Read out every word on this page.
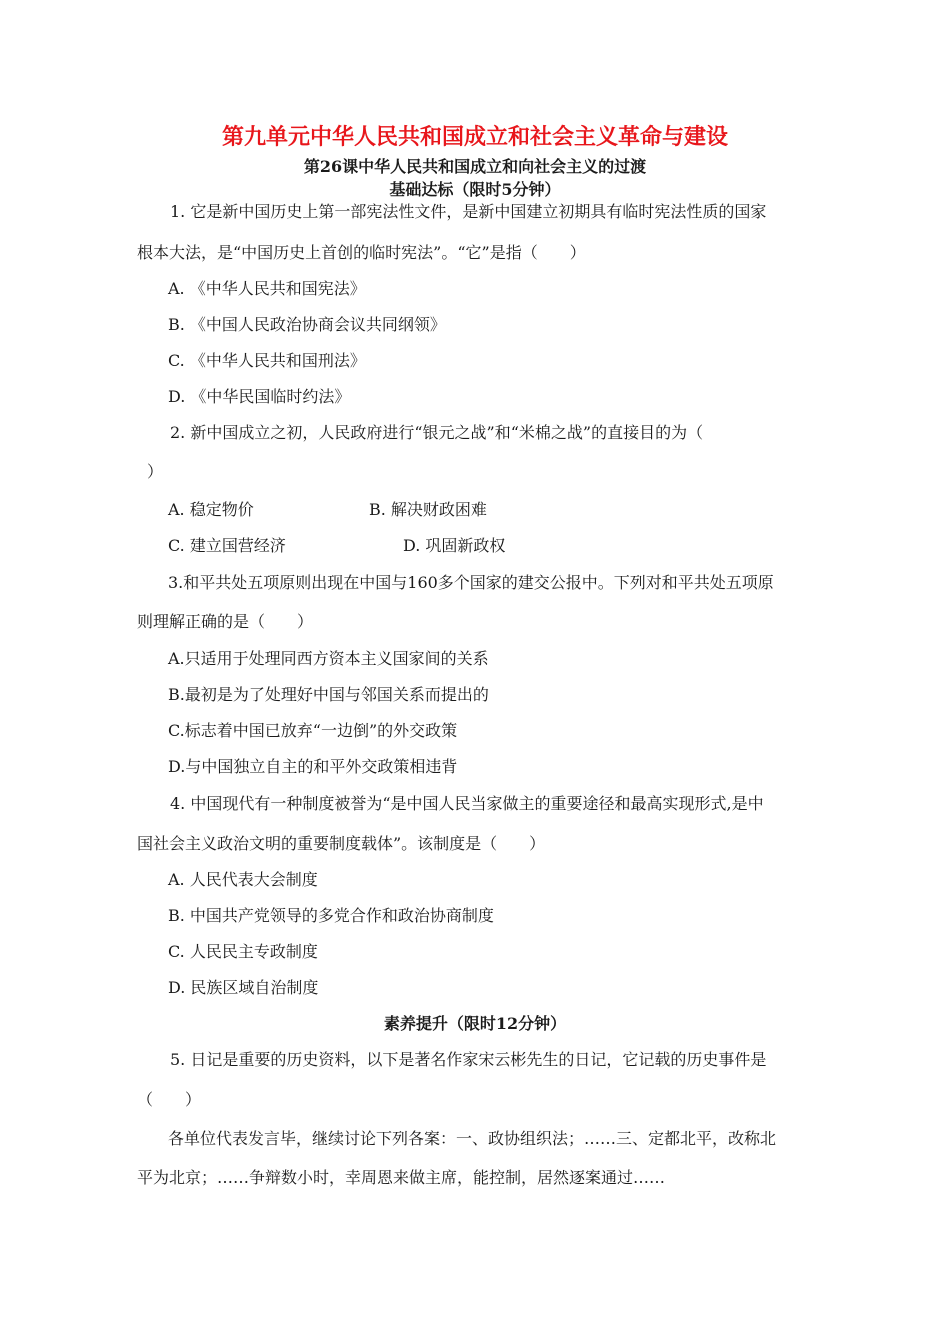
第九单元中华人民共和国成立和社会主义革命与建设
第26课中华人民共和国成立和向社会主义的过渡
基础达标（限时5分钟）
1. 它是新中国历史上第一部宪法性文件，是新中国建立初期具有临时宪法性质的国家
根本大法，是“中国历史上首创的临时宪法”。“它”是指（　　）
A. 《中华人民共和国宪法》
B. 《中国人民政治协商会议共同纲领》
C. 《中华人民共和国刑法》
D. 《中华民国临时约法》
2. 新中国成立之初，人民政府进行“银元之战”和“米棉之战”的直接目的为（
）
A. 稳定物价	B. 解决财政困难
C. 建立国营经济	D. 巩固新政权
3.和平共处五项原则出现在中国与160多个国家的建交公报中。下列对和平共处五项原
则理解正确的是（　　）
A.只适用于处理同西方资本主义国家间的关系
B.最初是为了处理好中国与邻国关系而提出的
C.标志着中国已放弃“一边倒”的外交政策
D.与中国独立自主的和平外交政策相违背
4. 中国现代有一种制度被誉为“是中国人民当家做主的重要途径和最高实现形式,是中
国社会主义政治文明的重要制度载体”。该制度是（　　）
A. 人民代表大会制度
B. 中国共产党领导的多党合作和政治协商制度
C. 人民民主专政制度
D. 民族区域自治制度
素养提升（限时12分钟）
5. 日记是重要的历史资料，以下是著名作家宋云彬先生的日记，它记载的历史事件是
（　　）
各单位代表发言毕，继续讨论下列各案：一、政协组织法；……三、定都北平，改称北
平为北京；……争辩数小时，幸周恩来做主席，能控制，居然逐案通过……
